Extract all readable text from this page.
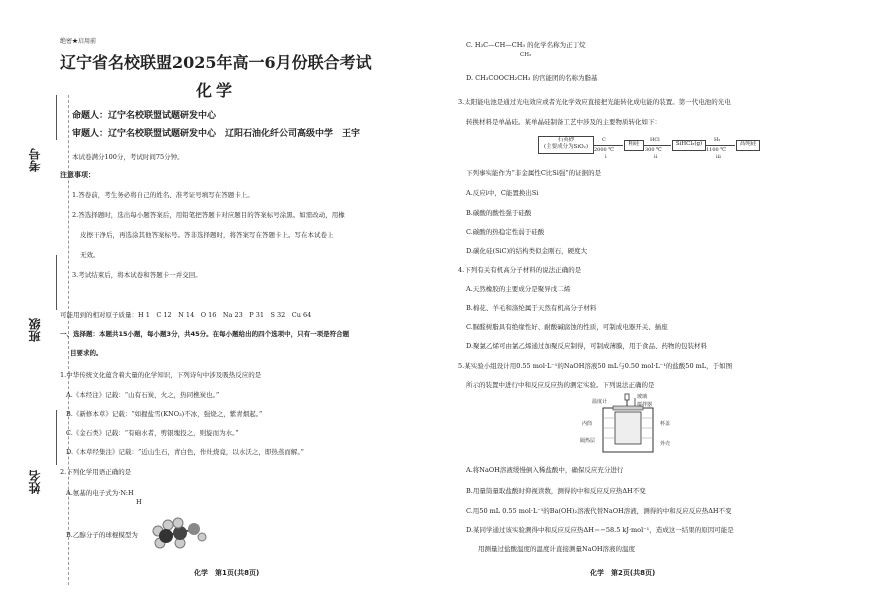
考号
班级
姓名
绝密★启用前
辽宁省名校联盟2025年高一6月份联合考试
化学
命题人：辽宁名校联盟试题研发中心
审题人：辽宁名校联盟试题研发中心　辽阳石油化纤公司高级中学　王宇
本试卷满分100分，考试时间75分钟。
注意事项：
1.答卷前，考生务必将自己的姓名、准考证号填写在答题卡上。
2.答选择题时，选出每小题答案后，用铅笔把答题卡对应题目的答案标号涂黑。如需改动，用橡
皮擦干净后，再选涂其他答案标号。答非选择题时，将答案写在答题卡上。写在本试卷上
无效。
3.考试结束后，将本试卷和答题卡一并交回。
可能用到的相对原子质量：H 1　C 12　N 14　O 16　Na 23　P 31　S 32　Cu 64
一、选择题：本题共15小题，每小题3分，共45分。在每小题给出的四个选项中，只有一项是符合题
目要求的。
1.中华传统文化蕴含着大量的化学知识，下列诗句中涉及吸热反应的是
A.《本经注》记载：“山有石炭，火之，热同樵炭也。”
B.《新修本草》记载：“如握盐雪(KNO₃)不冰，强烧之，紫青烟起。”
C.《金石类》记载：“有硇水者，剪银塊投之，则旋而为水。”
D.《本草经集注》记载：“近山生石，青白色，作灶烧竟，以水沃之，即热蒸而解。”
2.下列化学用语正确的是
A.氨基的电子式为·N:H
H
B.乙醇分子的球棍模型为
化学　第1页(共8页)
C. H₃C—CH—CH₃ 的化学名称为正丁烷
CH₃
D. CH₃COOCH₂CH₃ 的官能团的名称为脂基
3.太阳能电池是通过光电效应或者光化学效应直接把光能转化成电能的装置。第一代电池的光电
转换材料是单晶硅。某单晶硅制备工艺中涉及的主要物质转化如下：
石英砂
(主要成分为SiO₂)
C
2000 ℃
i
粗硅
HCl
300 ℃
ii
SiHCl₃(g)
H₂
1100 ℃
iii
高纯硅
下列事实能作为“非金属性C比Si强”的证据的是
A.反应i中，C能置换出Si
B.碳酸的酸性强于硅酸
C.碳酸的热稳定性弱于硅酸
D.碳化硅(SiC)的结构类似金刚石，硬度大
4.下列有关有机高分子材料的说法正确的是
A.天然橡胶的主要成分是聚异戊二烯
B.棉花、羊毛和涤纶属于天然有机高分子材料
C.脲醛树脂具有绝缘性好、耐酸碱腐蚀的性质，可制成电器开关、插座
D.聚氯乙烯可由氯乙烯通过加聚反应制得，可制成薄膜，用于食品、药物的包装材料
5.某实验小组设计用0.55 mol·L⁻¹的NaOH溶液50 mL与0.50 mol·L⁻¹的盐酸50 mL，于如图
所示的装置中进行中和反应反应热的测定实验。下列说法正确的是
温度计
玻璃
搅拌器
内筒	杯盖
隔热层	外壳
A.将NaOH溶液缓慢倒入稀盐酸中，确保反应充分进行
B.用量筒量取盐酸时仰视读数，测得的中和反应反应热ΔH不变
C.用50 mL 0.55 mol·L⁻¹的Ba(OH)₂溶液代替NaOH溶液，测得的中和反应反应热ΔH不变
D.某同学通过该实验测得中和反应反应热ΔH＝−58.5 kJ·mol⁻¹，造成这一结果的原因可能是
用测量过盐酸温度的温度计直接测量NaOH溶液的温度
化学　第2页(共8页)
